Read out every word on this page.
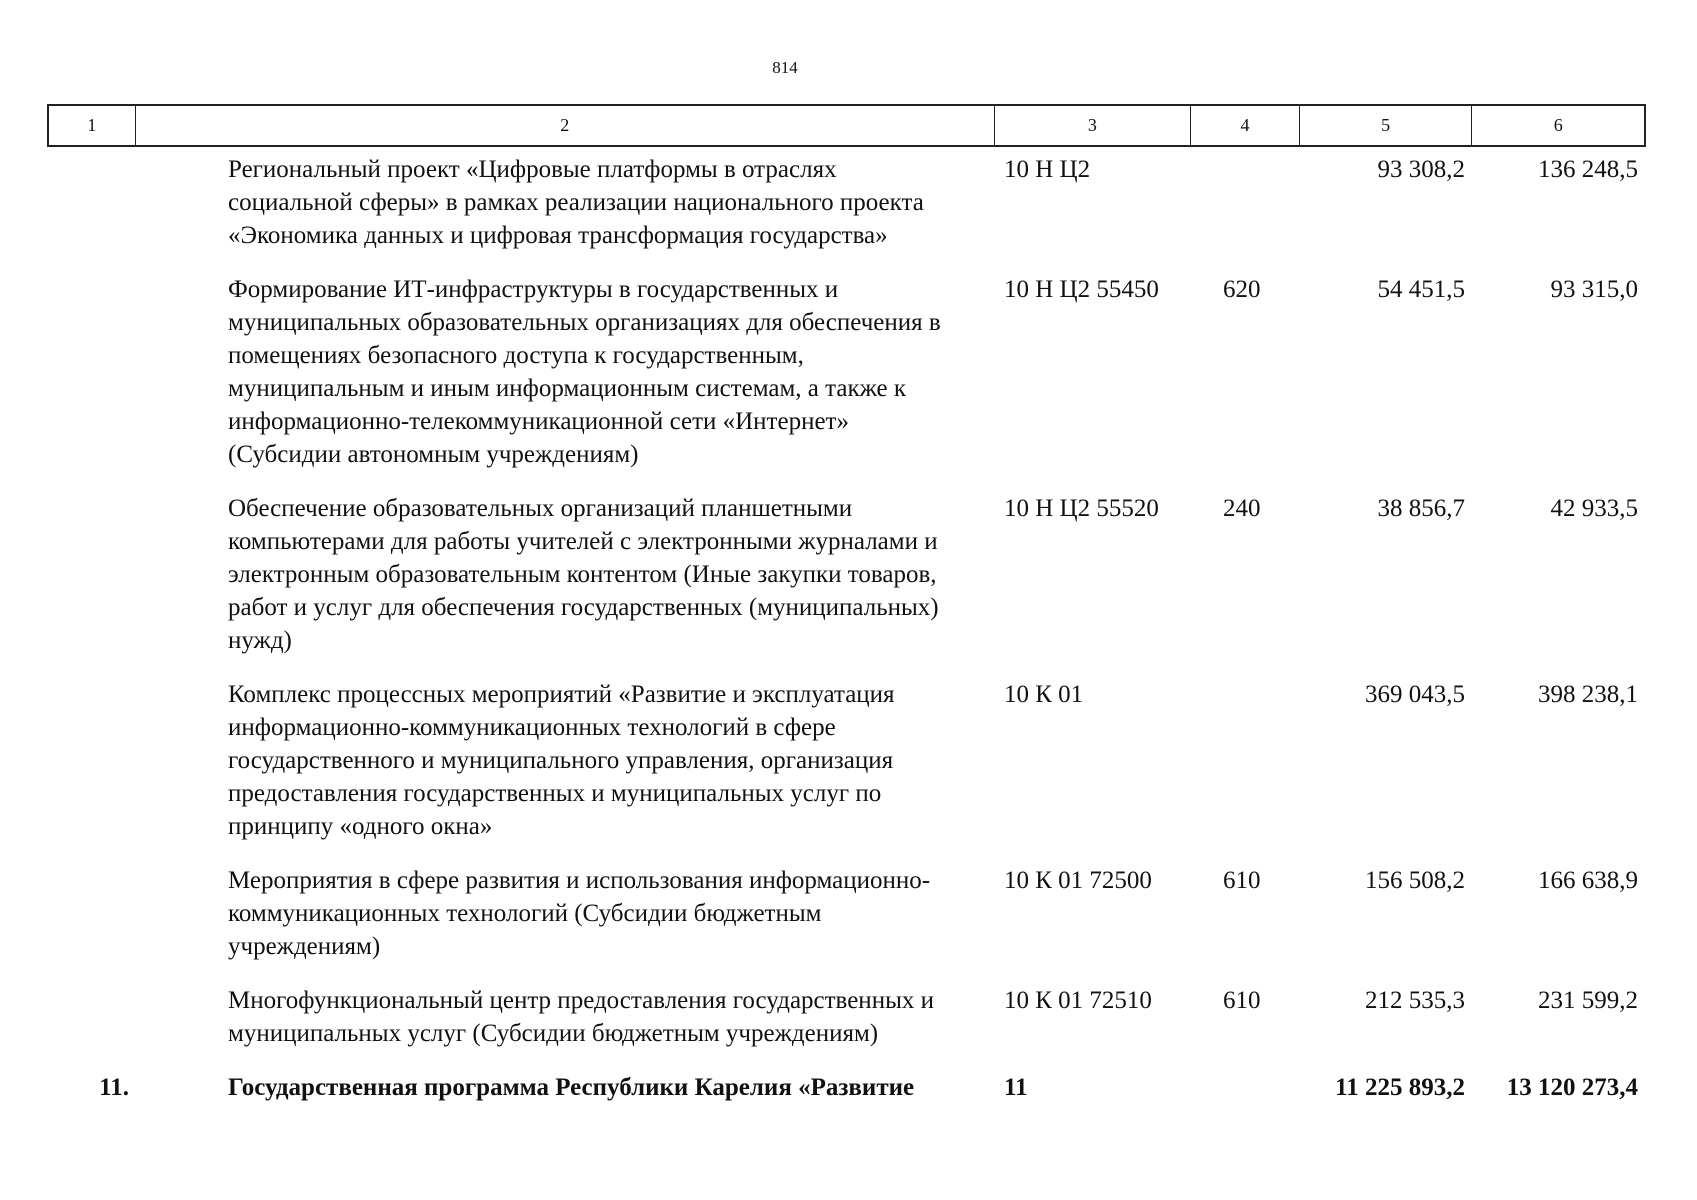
814
1	2	3	4	5	6
	Региональный проект «Цифровые платформы в отраслях социальной сферы» в рамках реализации национального проекта «Экономика данных и цифровая трансформация государства»	10 Н Ц2		93 308,2	136 248,5
	Формирование ИТ-инфраструктуры в государственных и муниципальных образовательных организациях для обеспечения в помещениях безопасного доступа к государственным, муниципальным и иным информационным системам, а также к информационно-телекоммуникационной сети «Интернет» (Субсидии автономным учреждениям)	10 Н Ц2 55450	620	54 451,5	93 315,0
	Обеспечение образовательных организаций планшетными компьютерами для работы учителей с электронными журналами и электронным образовательным контентом (Иные закупки товаров, работ и услуг для обеспечения государственных (муниципальных) нужд)	10 Н Ц2 55520	240	38 856,7	42 933,5
	Комплекс процессных мероприятий «Развитие и эксплуатация информационно-коммуникационных технологий в сфере государственного и муниципального управления, организация предоставления государственных и муниципальных услуг по принципу «одного окна»	10 К 01		369 043,5	398 238,1
	Мероприятия в сфере развития и использования информационно-коммуникационных технологий (Субсидии бюджетным учреждениям)	10 К 01 72500	610	156 508,2	166 638,9
	Многофункциональный центр предоставления государственных и муниципальных услуг (Субсидии бюджетным учреждениям)	10 К 01 72510	610	212 535,3	231 599,2
11.	Государственная программа Республики Карелия «Развитие	11		11 225 893,2	13 120 273,4
